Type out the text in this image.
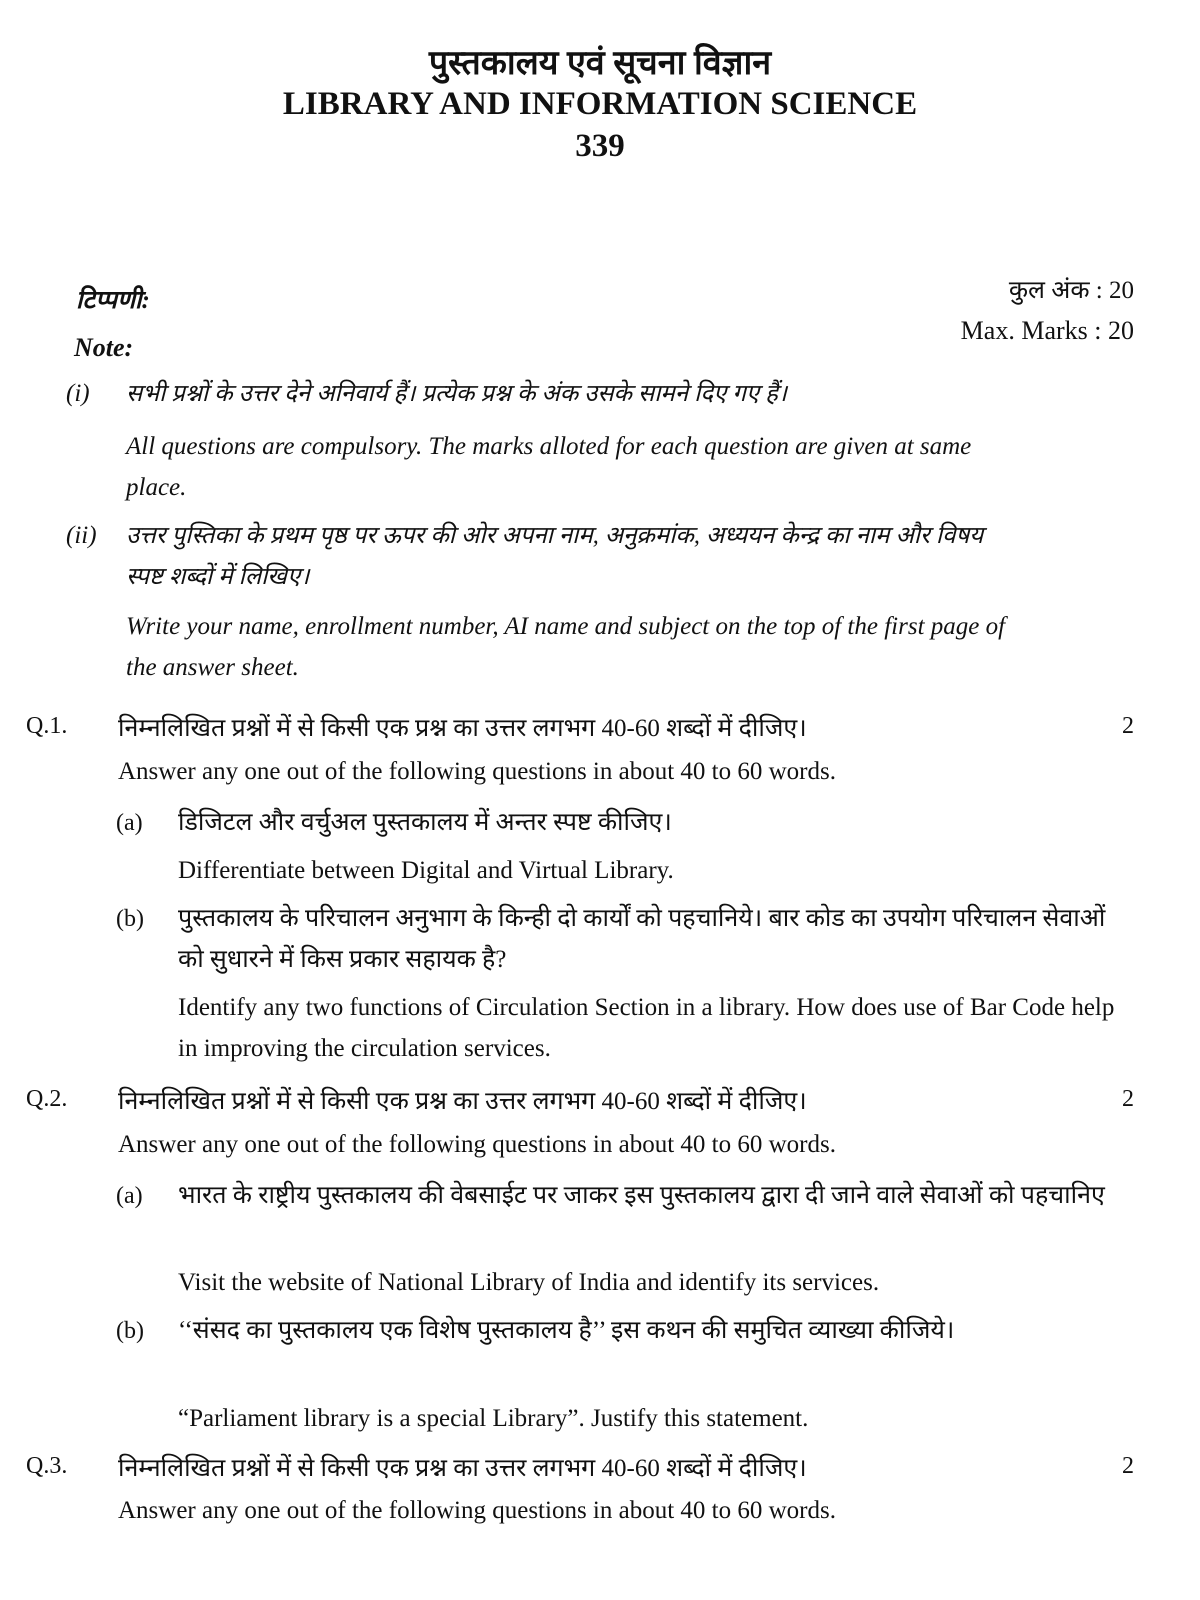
पुस्तकालय एवं सूचना विज्ञान
LIBRARY AND INFORMATION SCIENCE
339
टिप्पणी:
Note:
कुल अंक : 20
Max. Marks : 20
(i) सभी प्रश्नों के उत्तर देने अनिवार्य हैं। प्रत्येक प्रश्न के अंक उसके सामने दिए गए हैं।
All questions are compulsory. The marks alloted for each question are given at same place.
(ii) उत्तर पुस्तिका के प्रथम पृष्ठ पर ऊपर की ओर अपना नाम, अनुक्रमांक, अध्ययन केन्द्र का नाम और विषय स्पष्ट शब्दों में लिखिए।
Write your name, enrollment number, AI name and subject on the top of the first page of the answer sheet.
Q.1. निम्नलिखित प्रश्नों में से किसी एक प्रश्न का उत्तर लगभग 40-60 शब्दों में दीजिए।	2
Answer any one out of the following questions in about 40 to 60 words.
(a) डिजिटल और वर्चुअल पुस्तकालय में अन्तर स्पष्ट कीजिए।
Differentiate between Digital and Virtual Library.
(b) पुस्तकालय के परिचालन अनुभाग के किन्ही दो कार्यों को पहचानिये। बार कोड का उपयोग परिचालन सेवाओं को सुधारने में किस प्रकार सहायक है?
Identify any two functions of Circulation Section in a library. How does use of Bar Code help in improving the circulation services.
Q.2. निम्नलिखित प्रश्नों में से किसी एक प्रश्न का उत्तर लगभग 40-60 शब्दों में दीजिए।	2
Answer any one out of the following questions in about 40 to 60 words.
(a) भारत के राष्ट्रीय पुस्तकालय की वेबसाईट पर जाकर इस पुस्तकालय द्वारा दी जाने वाले सेवाओं को पहचानिए
Visit the website of National Library of India and identify its services.
(b) ‘‘संसद का पुस्तकालय एक विशेष पुस्तकालय है’’ इस कथन की समुचित व्याख्या कीजिये।
“Parliament library is a special Library”. Justify this statement.
Q.3. निम्नलिखित प्रश्नों में से किसी एक प्रश्न का उत्तर लगभग 40-60 शब्दों में दीजिए।	2
Answer any one out of the following questions in about 40 to 60 words.
